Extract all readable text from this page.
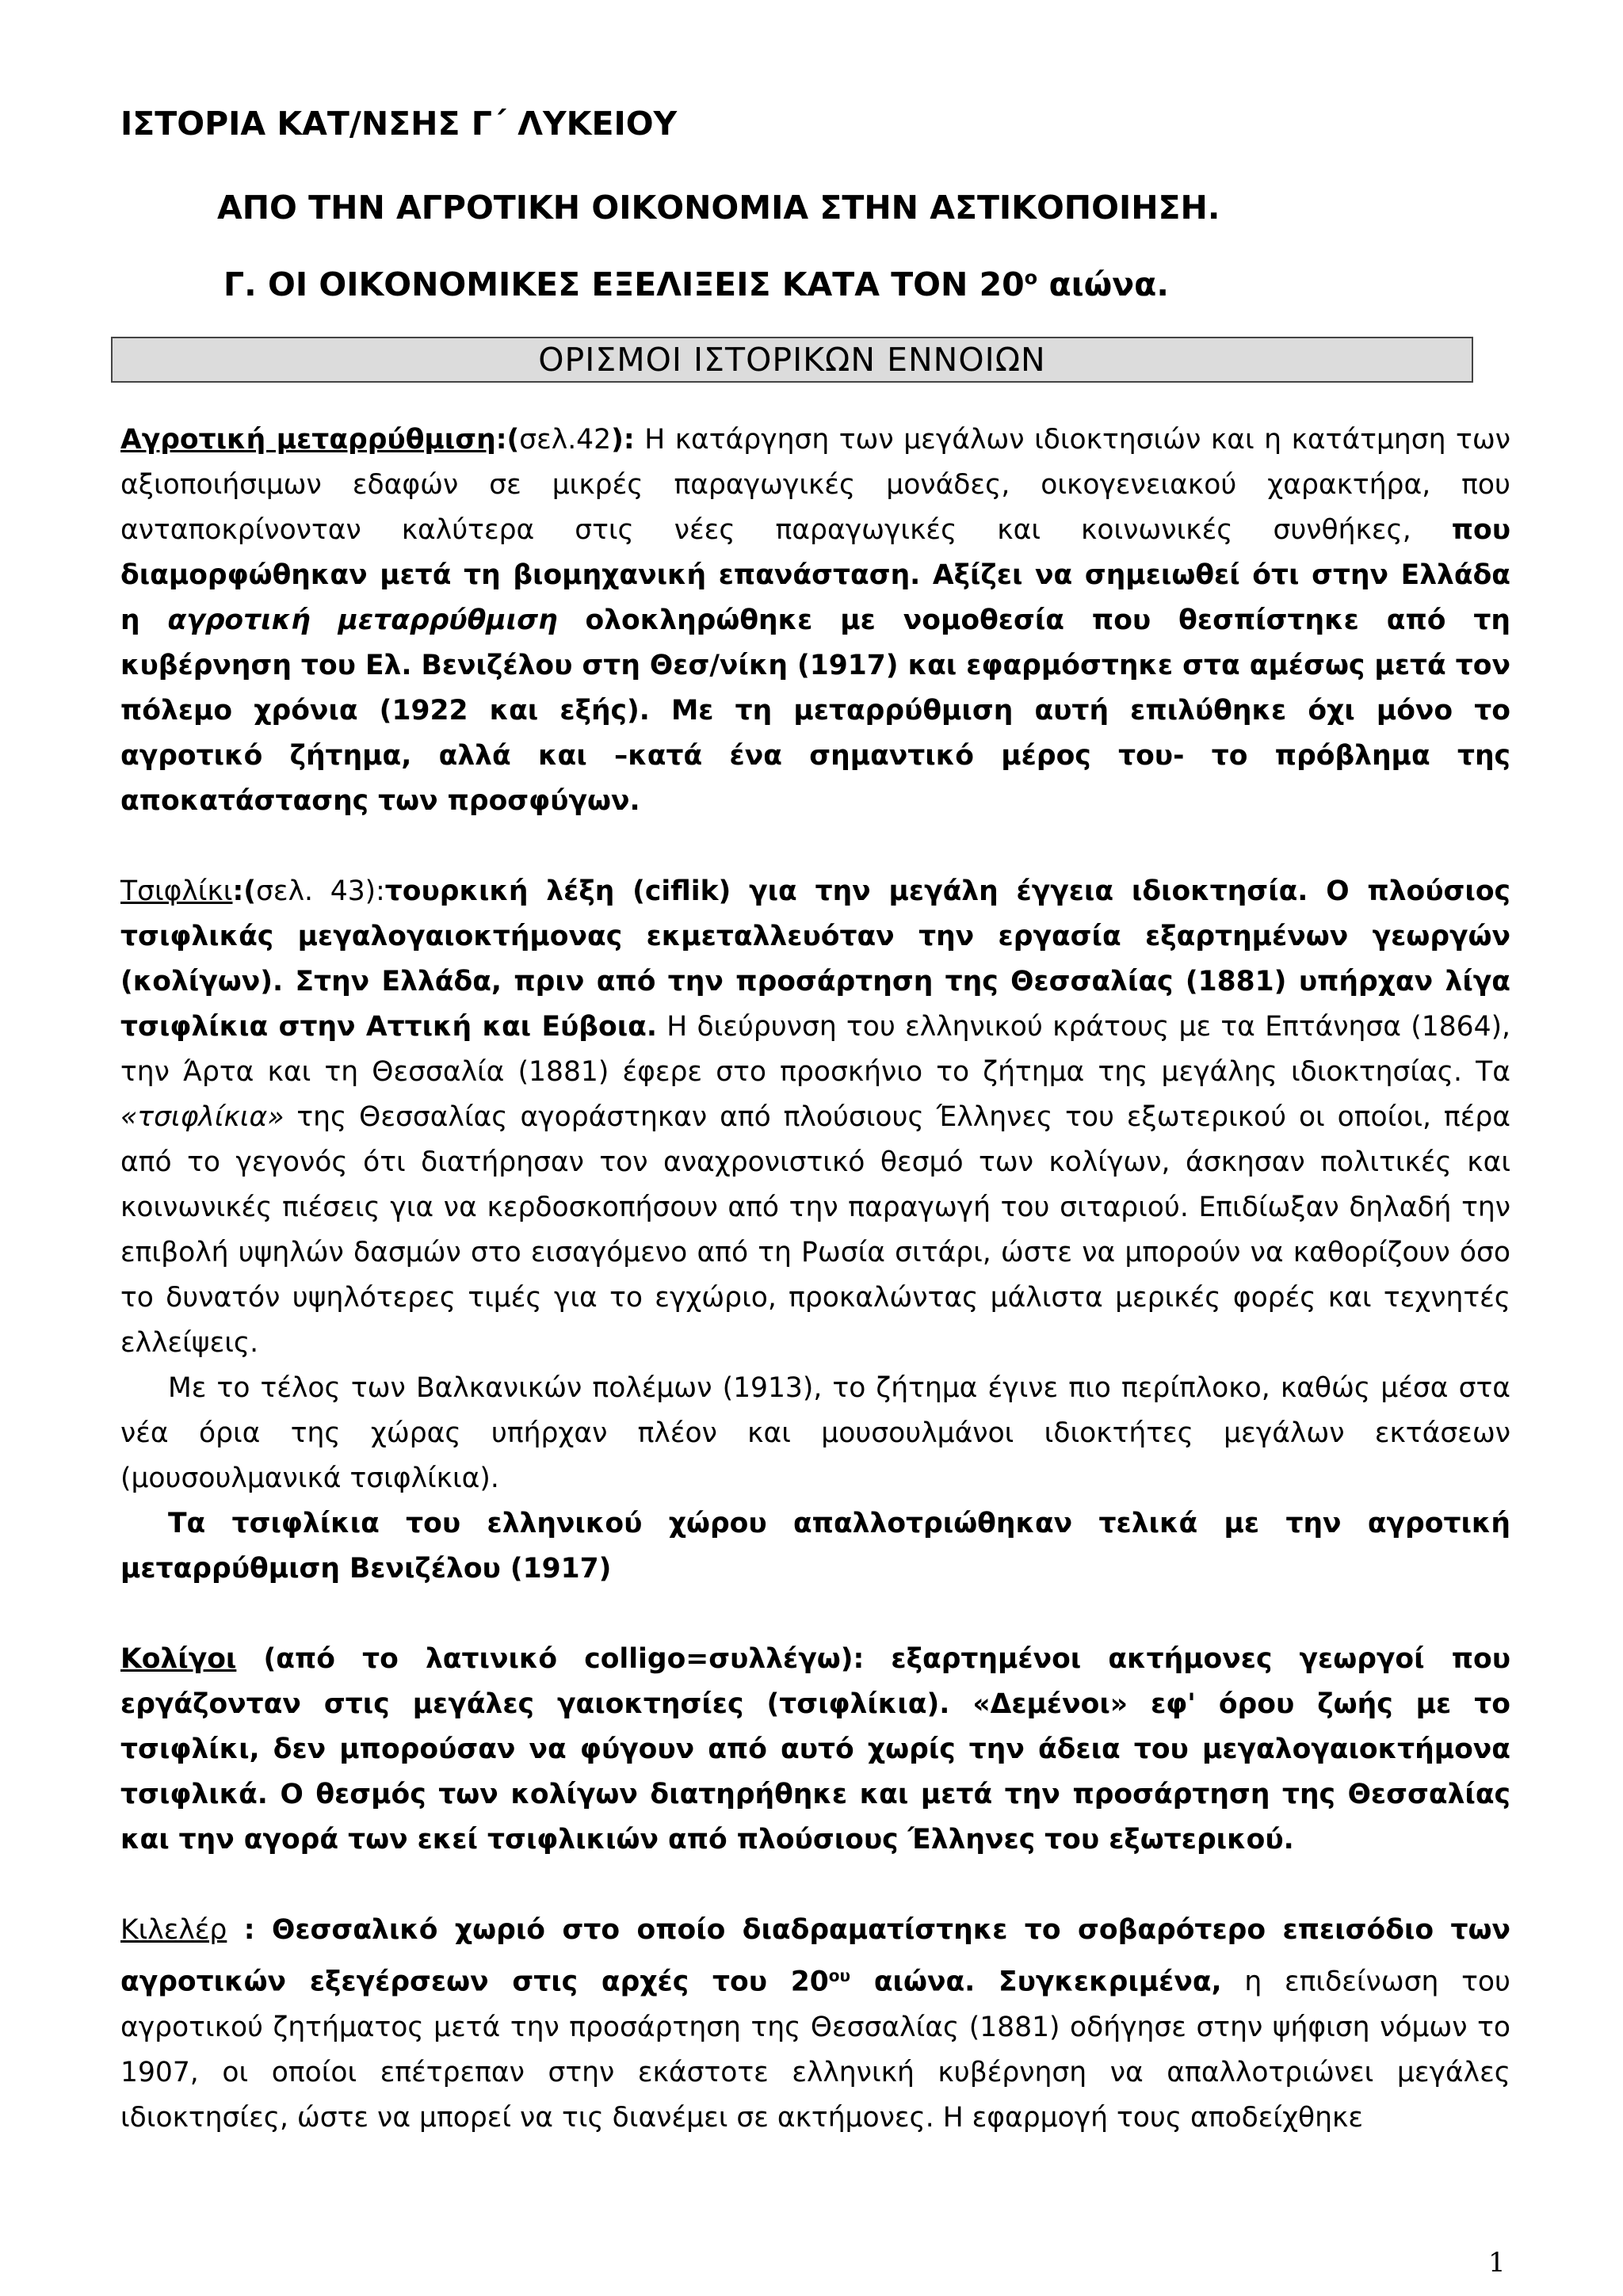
ΙΣΤΟΡΙΑ ΚΑΤ/ΝΣΗΣ Γ΄ ΛΥΚΕΙΟΥ
ΑΠΟ ΤΗΝ ΑΓΡΟΤΙΚΗ ΟΙΚΟΝΟΜΙΑ ΣΤΗΝ ΑΣΤΙΚΟΠΟΙΗΣΗ.
Γ. ΟΙ ΟΙΚΟΝΟΜΙΚΕΣ ΕΞΕΛΙΞΕΙΣ ΚΑΤΑ ΤΟΝ $20^o$ αιώνα.
ΟΡΙΣΜΟΙ ΙΣΤΟΡΙΚΩΝ ΕΝΝΟΙΩΝ

Αγροτική μεταρρύθμιση:(σελ.42): Η κατάργηση των μεγάλων ιδιοκτησιών και η κατάτμηση των αξιοποιήσιμων εδαφών σε μικρές παραγωγικές μονάδες, οικογενειακού χαρακτήρα, που ανταποκρίνονταν καλύτερα στις νέες παραγωγικές και κοινωνικές συνθήκες, που διαμορφώθηκαν μετά τη βιομηχανική επανάσταση. Αξίζει να σημειωθεί ότι στην Ελλάδα η αγροτική μεταρρύθμιση ολοκληρώθηκε με νομοθεσία που θεσπίστηκε από τη κυβέρνηση του Ελ. Βενιζέλου στη Θεσ/νίκη (1917) και εφαρμόστηκε στα αμέσως μετά τον πόλεμο χρόνια (1922 και εξής). Με τη μεταρρύθμιση αυτή επιλύθηκε όχι μόνο το αγροτικό ζήτημα, αλλά και –κατά ένα σημαντικό μέρος του- το πρόβλημα της αποκατάστασης των προσφύγων.

Τσιφλίκι:(σελ. 43):τουρκική λέξη (ciflik) για την μεγάλη έγγεια ιδιοκτησία. Ο πλούσιος τσιφλικάς μεγαλογαιοκτήμονας εκμεταλλευόταν την εργασία εξαρτημένων γεωργών (κολίγων). Στην Ελλάδα, πριν από την προσάρτηση της Θεσσαλίας (1881) υπήρχαν λίγα τσιφλίκια στην Αττική και Εύβοια. Η διεύρυνση του ελληνικού κράτους με τα Επτάνησα (1864), την Άρτα και τη Θεσσαλία (1881) έφερε στο προσκήνιο το ζήτημα της μεγάλης ιδιοκτησίας. Τα «τσιφλίκια» της Θεσσαλίας αγοράστηκαν από πλούσιους Έλληνες του εξωτερικού οι οποίοι, πέρα από το γεγονός ότι διατήρησαν τον αναχρονιστικό θεσμό των κολίγων, άσκησαν πολιτικές και κοινωνικές πιέσεις για να κερδοσκοπήσουν από την παραγωγή του σιταριού. Επιδίωξαν δηλαδή την επιβολή υψηλών δασμών στο εισαγόμενο από τη Ρωσία σιτάρι, ώστε να μπορούν να καθορίζουν όσο το δυνατόν υψηλότερες τιμές για το εγχώριο, προκαλώντας μάλιστα μερικές φορές και τεχνητές ελλείψεις.

Με το τέλος των Βαλκανικών πολέμων (1913), το ζήτημα έγινε πιο περίπλοκο, καθώς μέσα στα νέα όρια της χώρας υπήρχαν πλέον και μουσουλμάνοι ιδιοκτήτες μεγάλων εκτάσεων (μουσουλμανικά τσιφλίκια).

Τα τσιφλίκια του ελληνικού χώρου απαλλοτριώθηκαν τελικά με την αγροτική μεταρρύθμιση Βενιζέλου (1917)

Κολίγοι (από το λατινικό colligo=συλλέγω): εξαρτημένοι ακτήμονες γεωργοί που εργάζονταν στις μεγάλες γαιοκτησίες (τσιφλίκια). «Δεμένοι» εφ' όρου ζωής με το τσιφλίκι, δεν μπορούσαν να φύγουν από αυτό χωρίς την άδεια του μεγαλογαιοκτήμονα τσιφλικά. Ο θεσμός των κολίγων διατηρήθηκε και μετά την προσάρτηση της Θεσσαλίας και την αγορά των εκεί τσιφλικιών από πλούσιους Έλληνες του εξωτερικού.

Κιλελέρ : Θεσσαλικό χωριό στο οποίο διαδραματίστηκε το σοβαρότερο επεισόδιο των αγροτικών εξεγέρσεων στις αρχές του $20^{o\upsilon}$ αιώνα. Συγκεκριμένα, η επιδείνωση του αγροτικού ζητήματος μετά την προσάρτηση της Θεσσαλίας (1881) οδήγησε στην ψήφιση νόμων το 1907, οι οποίοι επέτρεπαν στην εκάστοτε ελληνική κυβέρνηση να απαλλοτριώνει μεγάλες ιδιοκτησίες, ώστε να μπορεί να τις διανέμει σε ακτήμονες. Η εφαρμογή τους αποδείχθηκε

1
